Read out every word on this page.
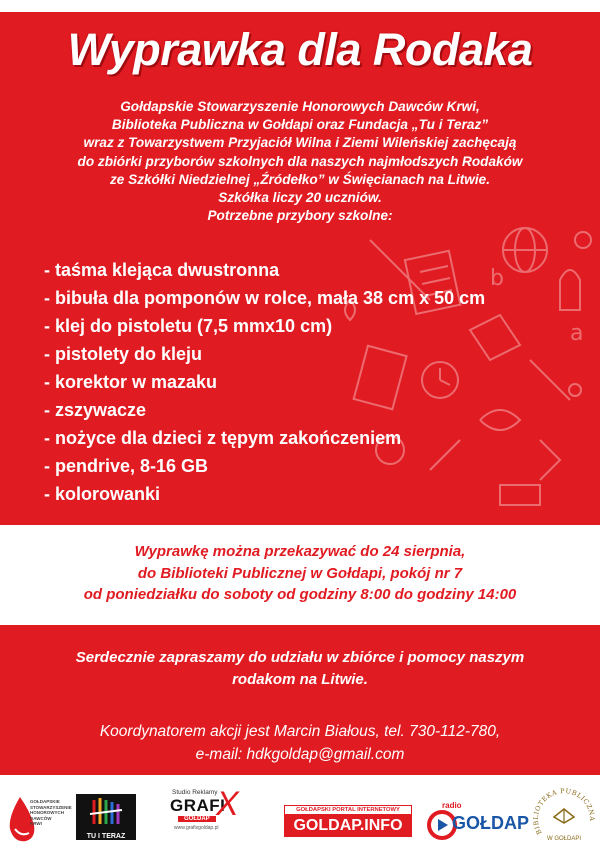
b
a
Wyprawka dla Rodaka
Gołdapskie Stowarzyszenie Honorowych Dawców Krwi,
Biblioteka Publiczna w Gołdapi oraz Fundacja „Tu i Teraz”
wraz z Towarzystwem Przyjaciół Wilna i Ziemi Wileńskiej zachęcają
do zbiórki przyborów szkolnych dla naszych najmłodszych Rodaków
ze Szkółki Niedzielnej „Źródełko” w Święcianach na Litwie.
Szkółka liczy 20 uczniów.
Potrzebne przybory szkolne:
- taśma klejąca dwustronna
- bibuła dla pomponów w rolce, mała 38 cm x 50 cm
- klej do pistoletu (7,5 mmx10 cm)
- pistolety do kleju
- korektor w mazaku
- zszywacze
- nożyce dla dzieci z tępym zakończeniem
- pendrive, 8-16 GB
- kolorowanki
Wyprawkę można przekazywać do 24 sierpnia,
do Biblioteki Publicznej w Gołdapi, pokój nr 7
od poniedziałku do soboty od godziny 8:00 do godziny 14:00
Serdecznie zapraszamy do udziału w zbiórce i pomocy naszym
rodakom na Litwie.
Koordynatorem akcji jest Marcin Białous, tel. 730-112-780,
e-mail: hdkgoldap@gmail.com
GOŁDAPSKIE
STOWARZYSZENIE
HONOROWYCH
DAWCÓW
KRWI
TU I TERAZ
Studio Reklamy
GRAFI
X
GOŁDAP
www.grafixgoldap.pl
GOŁDAPSKI PORTAL INTERNETOWY
GOLDAP.INFO
radio
GOŁDAP BIBLIOTEKA PUBLICZNA
W GOŁDAPI
